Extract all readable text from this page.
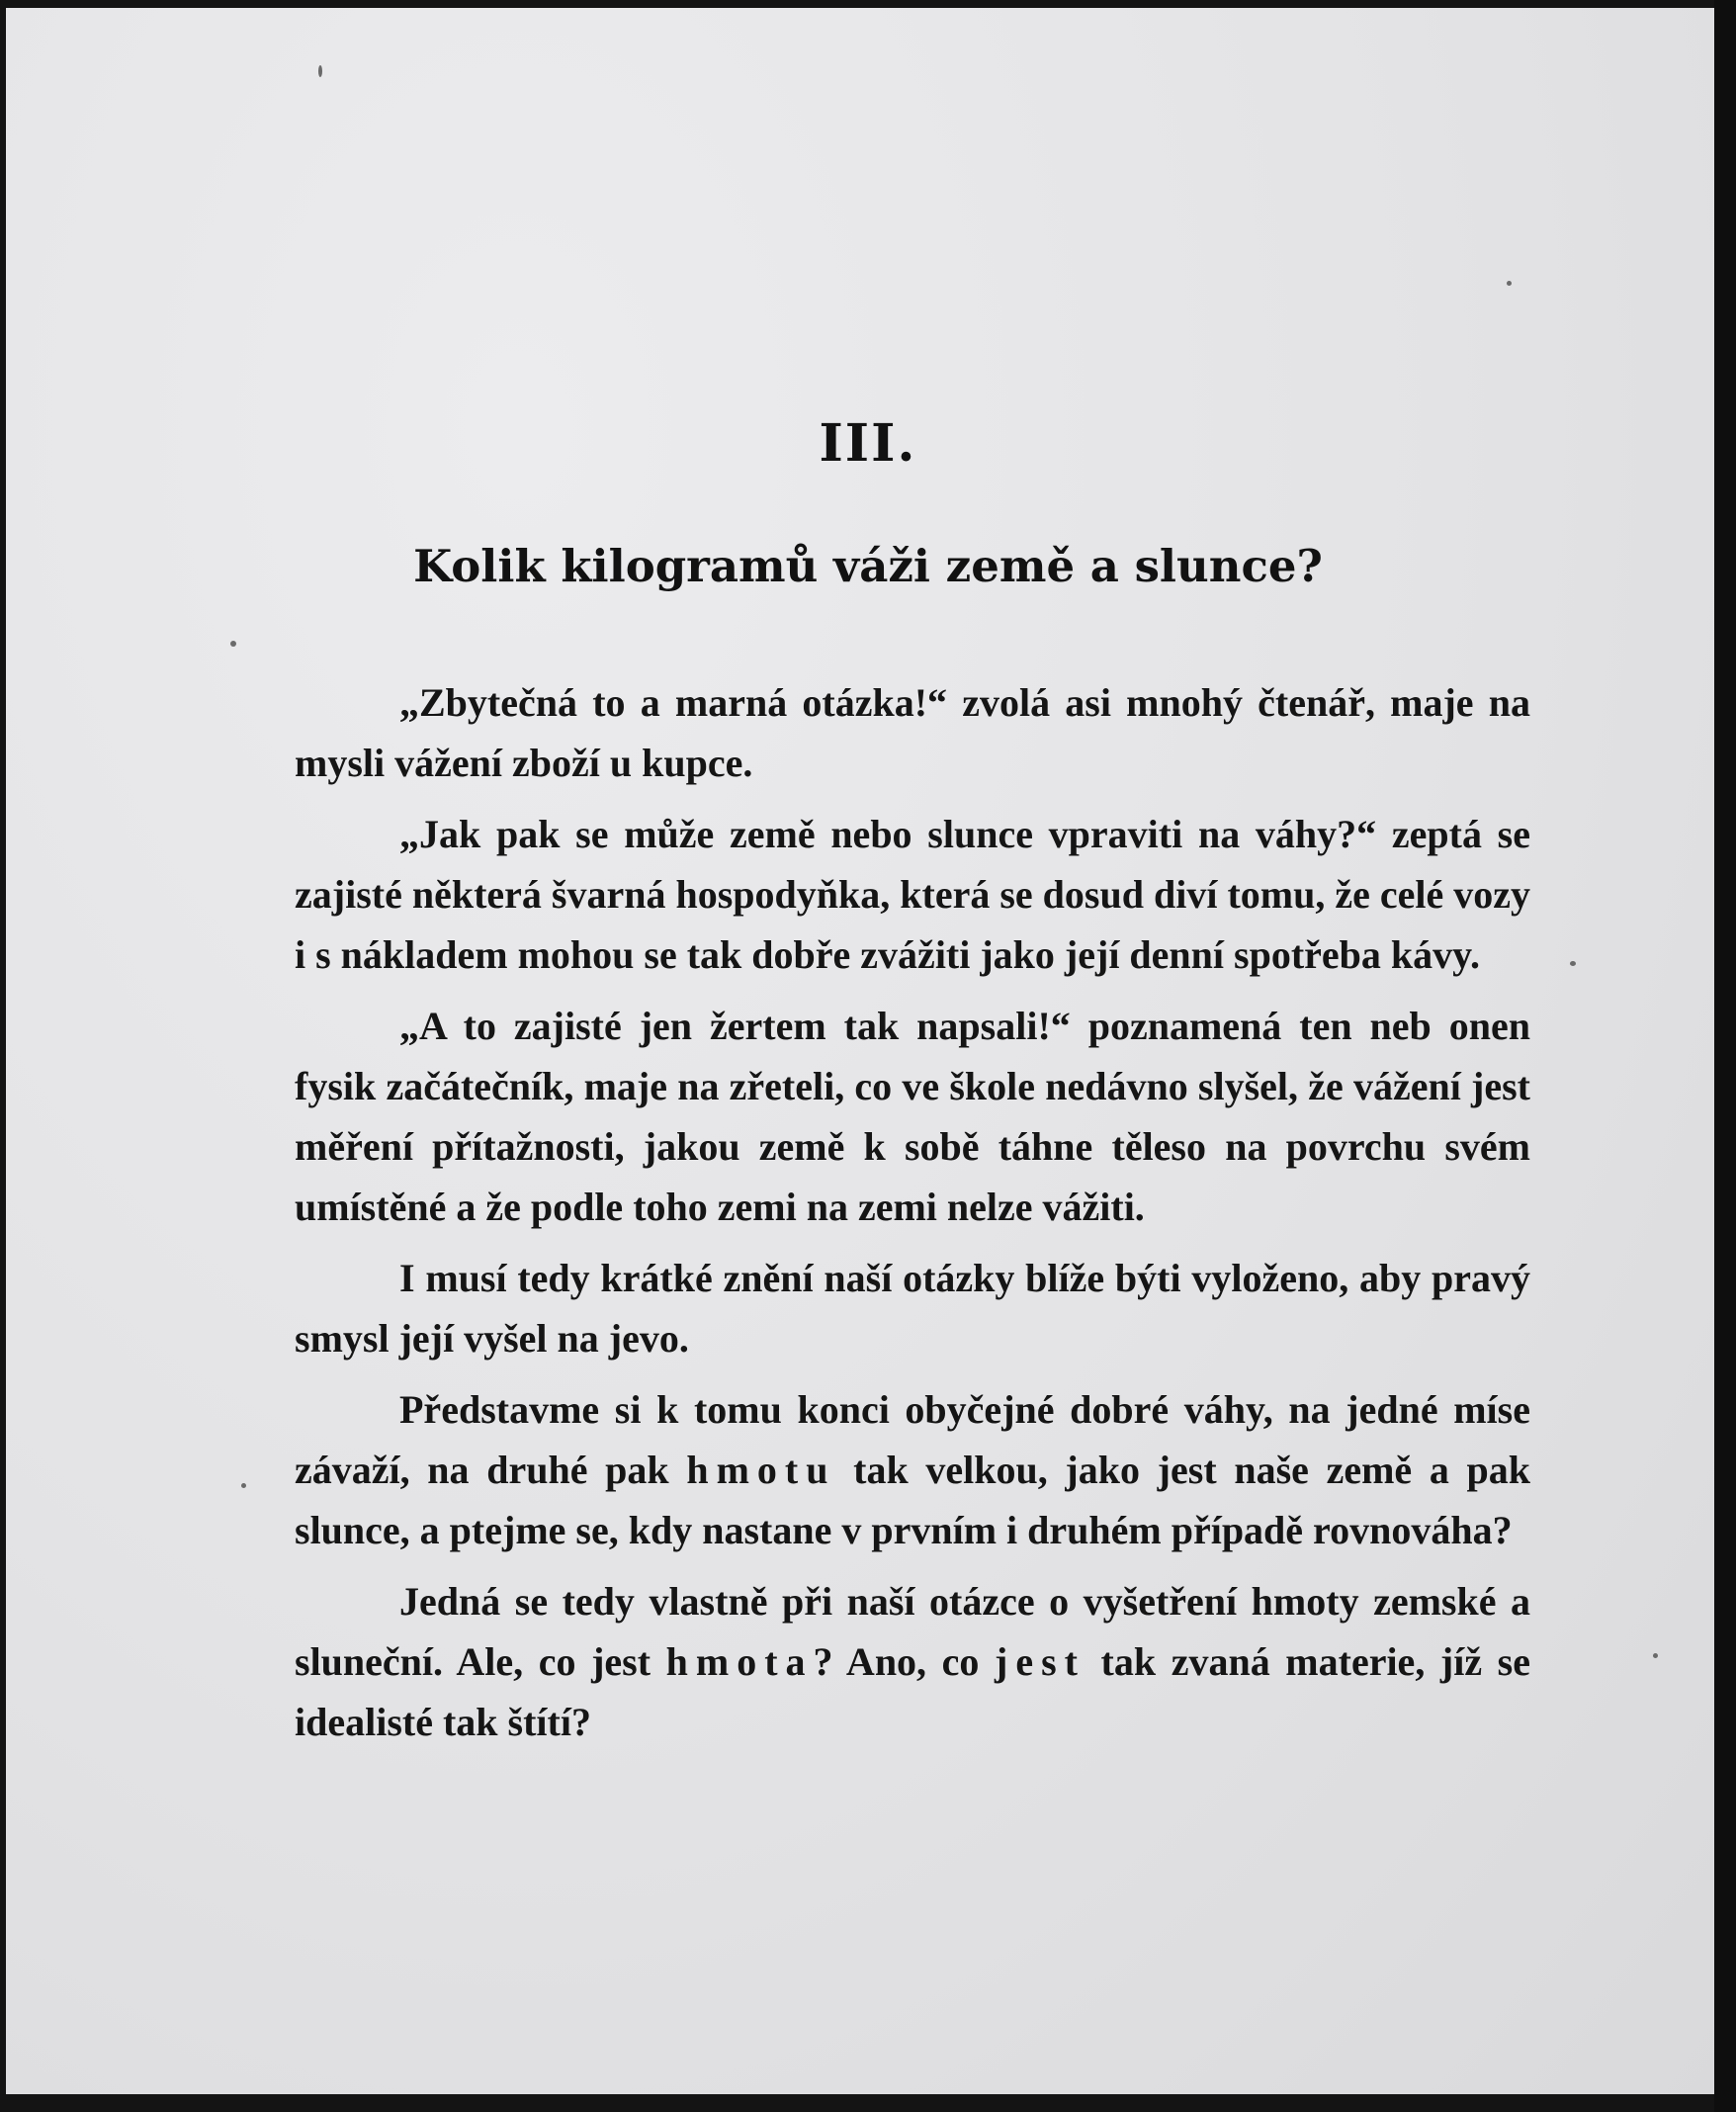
III.
Kolik kilogramů váži země a slunce?

„Zbytečná to a marná otázka!“ zvolá asi mnohý čtenář, maje na mysli vážení zboží u kupce.

„Jak pak se může země nebo slunce vpraviti na váhy?“ zeptá se zajisté některá švarná hospodyňka, která se dosud diví tomu, že celé vozy i s nákladem mohou se tak dobře zvážiti jako její denní spotřeba kávy.

„A to zajisté jen žertem tak napsali!“ poznamená ten neb onen fysik začátečník, maje na zřeteli, co ve škole nedávno slyšel, že vážení jest měření přítažnosti, jakou země k sobě táhne těleso na povrchu svém umístěné a že podle toho zemi na zemi nelze vážiti.

I musí tedy krátké znění naší otázky blíže býti vyloženo, aby pravý smysl její vyšel na jevo.

Představme si k tomu konci obyčejné dobré váhy, na jedné míse závaží, na druhé pak hmotu tak velkou, jako jest naše země a pak slunce, a ptejme se, kdy nastane v prvním i druhém případě rovnováha?

Jedná se tedy vlastně při naší otázce o vyšetření hmoty zemské a sluneční. Ale, co jest hmota? Ano, co jest tak zvaná materie, jíž se idealisté tak štítí?
